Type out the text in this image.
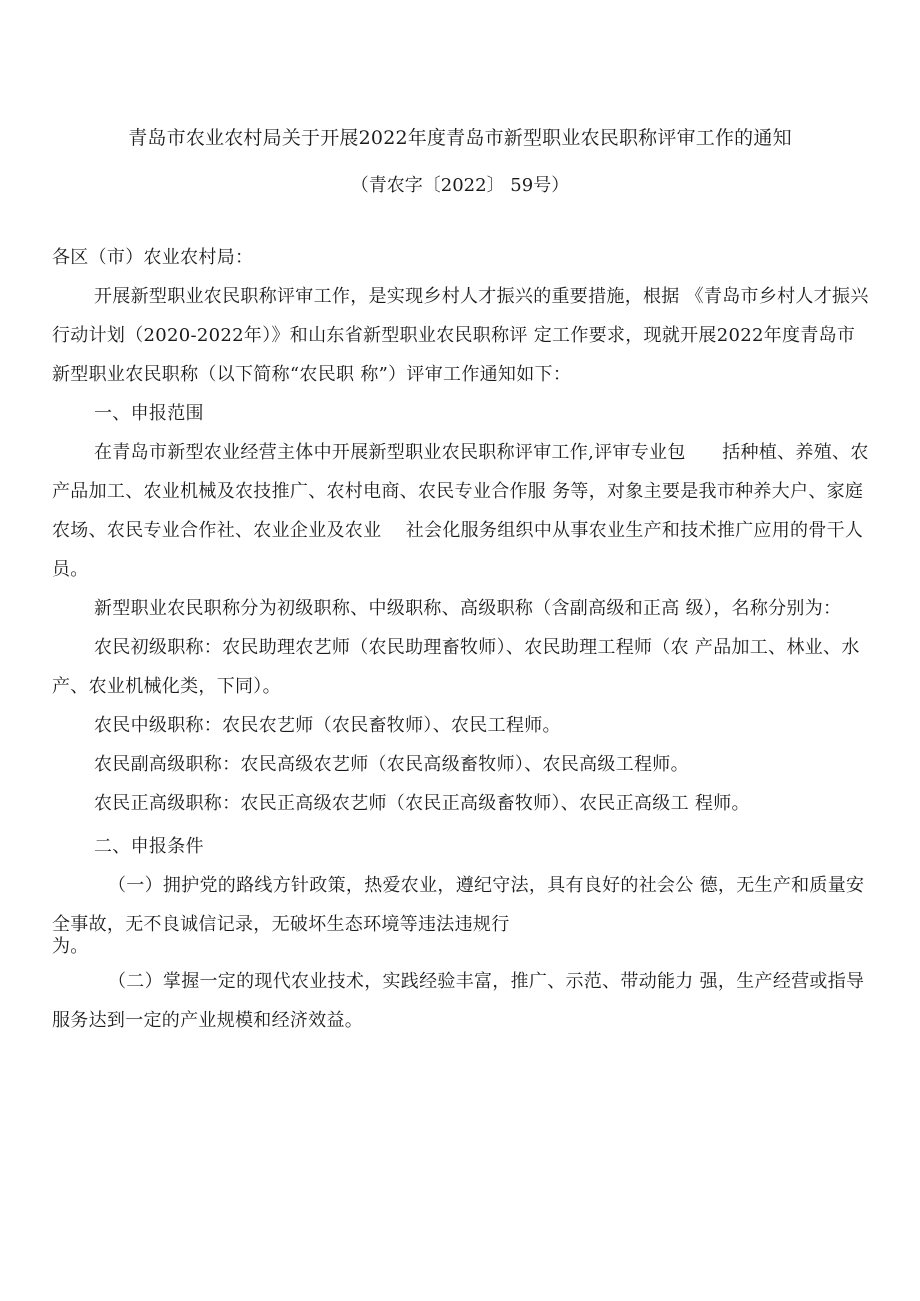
青岛市农业农村局关于开展2022年度青岛市新型职业农民职称评审工作的通知
（青农字〔2022〕 59号）

各区（市）农业农村局：

开展新型职业农民职称评审工作，是实现乡村人才振兴的重要措施，根据 《青岛市乡村人才振兴行动计划（2020-2022年）》和山东省新型职业农民职称评 定工作要求，现就开展2022年度青岛市新型职业农民职称（以下简称“农民职 称”）评审工作通知如下：

一、申报范围

在青岛市新型农业经营主体中开展新型职业农民职称评审工作,评审专业包　　括种植、养殖、农产品加工、农业机械及农技推广、农村电商、农民专业合作服 务等，对象主要是我市种养大户、家庭农场、农民专业合作社、农业企业及农业　 社会化服务组织中从事农业生产和技术推广应用的骨干人员。

新型职业农民职称分为初级职称、中级职称、高级职称（含副高级和正高 级），名称分别为：

农民初级职称：农民助理农艺师（农民助理畜牧师）、农民助理工程师（农 产品加工、林业、水产、农业机械化类，下同）。

农民中级职称：农民农艺师（农民畜牧师）、农民工程师。

农民副高级职称：农民高级农艺师（农民高级畜牧师）、农民高级工程师。

农民正高级职称：农民正高级农艺师（农民正高级畜牧师）、农民正高级工 程师。

二、申报条件

（一）拥护党的路线方针政策，热爱农业，遵纪守法，具有良好的社会公 德，无生产和质量安全事故，无不良诚信记录，无破坏生态环境等违法违规行

为。

（二）掌握一定的现代农业技术，实践经验丰富，推广、示范、带动能力 强，生产经营或指导服务达到一定的产业规模和经济效益。
